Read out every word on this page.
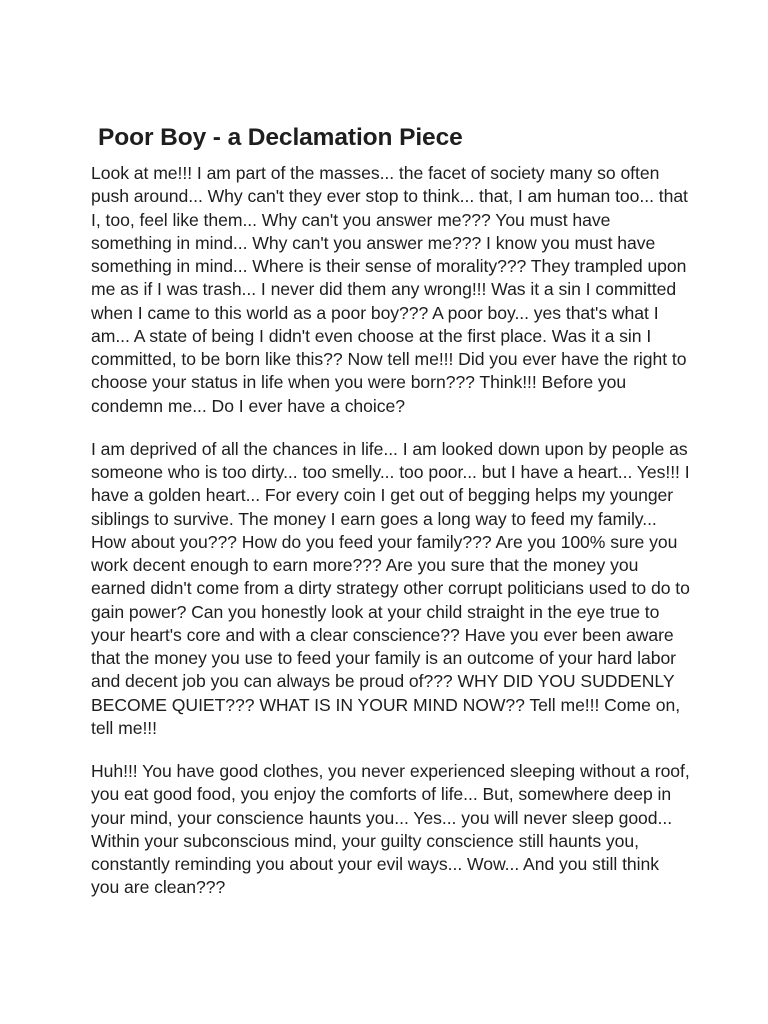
Poor Boy - a Declamation Piece

Look at me!!! I am part of the masses... the facet of society many so often push around... Why can't they ever stop to think... that, I am human too... that I, too, feel like them... Why can't you answer me??? You must have something in mind... Why can't you answer me??? I know you must have something in mind... Where is their sense of morality??? They trampled upon me as if I was trash... I never did them any wrong!!! Was it a sin I committed when I came to this world as a poor boy??? A poor boy... yes that's what I am... A state of being I didn't even choose at the first place. Was it a sin I committed, to be born like this?? Now tell me!!! Did you ever have the right to choose your status in life when you were born??? Think!!! Before you condemn me... Do I ever have a choice?

I am deprived of all the chances in life... I am looked down upon by people as someone who is too dirty... too smelly... too poor... but I have a heart... Yes!!! I have a golden heart... For every coin I get out of begging helps my younger siblings to survive. The money I earn goes a long way to feed my family... How about you??? How do you feed your family??? Are you 100% sure you work decent enough to earn more??? Are you sure that the money you earned didn't come from a dirty strategy other corrupt politicians used to do to gain power? Can you honestly look at your child straight in the eye true to your heart's core and with a clear conscience?? Have you ever been aware that the money you use to feed your family is an outcome of your hard labor and decent job you can always be proud of??? WHY DID YOU SUDDENLY BECOME QUIET??? WHAT IS IN YOUR MIND NOW?? Tell me!!! Come on, tell me!!!

Huh!!! You have good clothes, you never experienced sleeping without a roof, you eat good food, you enjoy the comforts of life... But, somewhere deep in your mind, your conscience haunts you... Yes... you will never sleep good... Within your subconscious mind, your guilty conscience still haunts you, constantly reminding you about your evil ways... Wow... And you still think you are clean???
